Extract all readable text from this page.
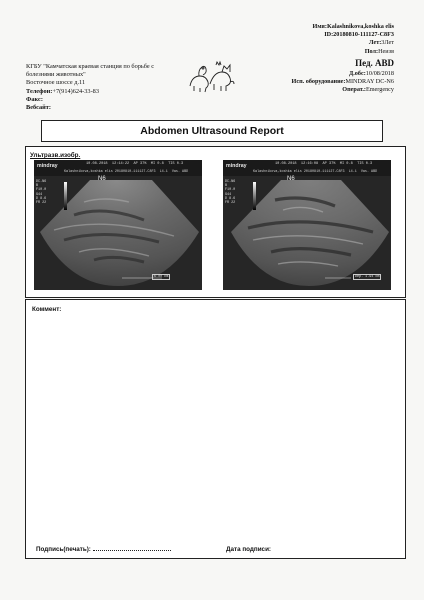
Имя:Kalashnikova,koshka elis
ID:20180810-111127-C8F3
Лет:3Лет
Пол:Неизв
Пед. ABD
Д.обс:10/08/2018
Исп. оборудование:MINDRAY DC-N6
Операт.:Emergency
КГБУ "Камчатская краевая станция по борьбе с болезнями животных"
Восточное шоссе д.11
Телефон:+7(914)624-33-83
Факс:
Вебсайт:
Abdomen Ultrasound Report
Ультразв.изобр.
mindray	10.08.2018 12:14:22 AP 37% MI 0.8 TIS 0.3
Kalashnikova,koshka elis 20180810-111127-C8F3 L4-1 Vas. ABD
DC-N6
B
F10.0
G44
D 8.6
FR 22
N6
5.00 cm
mindray	10.08.2018 12:16:08 AP 37% MI 0.8 TIS 0.3
Kalashnikova,koshka elis 20180810-111127-C8F3 L4-1 Vas. ABD
DC-N6
B
F10.0
G44
D 8.6
FR 22
N6
Dep. 1.94 cm
Коммент:
Подпись(печать):	Дата подписи:
